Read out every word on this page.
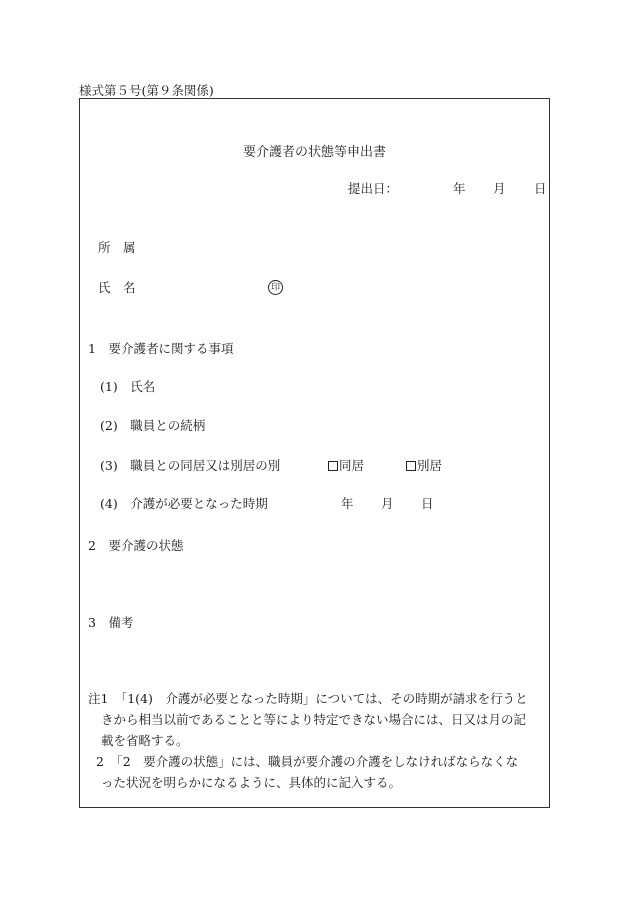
様式第５号(第９条関係)
要介護者の状態等申出書
提出日：	年 月 日
所　属
氏　名	印
1　要介護者に関する事項
(1)　氏名
(2)　職員との続柄
(3)　職員との同居又は別居の別	同居	別居
(4)　介護が必要となった時期	年 月 日
2　要介護の状態
3　備考

注1　「1(4)　介護が必要となった時期」については、その時期が請求を行うと

きから相当以前であることと等により特定できない場合には、日又は月の記

載を省略する。

2　「2　要介護の状態」には、職員が要介護の介護をしなければならなくな

った状況を明らかになるように、具体的に記入する。
